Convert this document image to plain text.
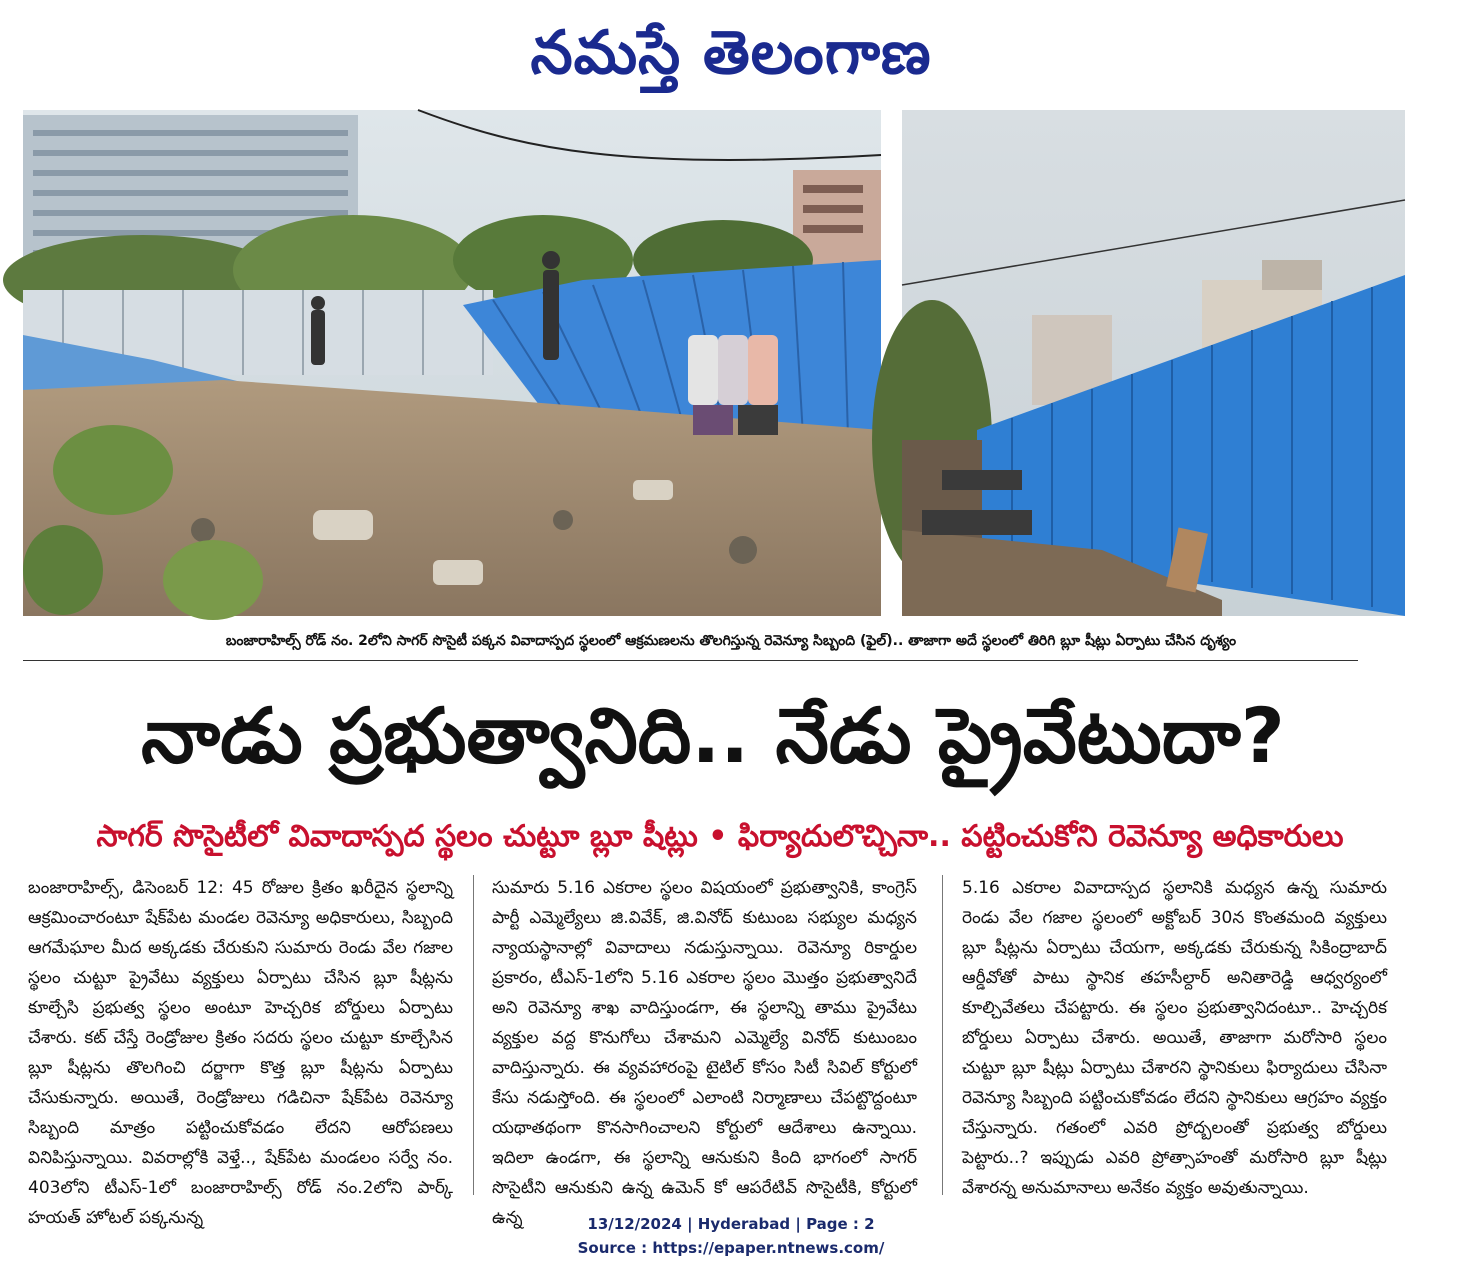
నమస్తే తెలంగాణ
బంజారాహిల్స్ రోడ్ నం. 2లోని సాగర్ సొసైటీ పక్కన వివాదాస్పద స్థలంలో ఆక్రమణలను తొలగిస్తున్న రెవెన్యూ సిబ్బంది (ఫైల్).. తాజాగా అదే స్థలంలో తిరిగి బ్లూ షీట్లు ఏర్పాటు చేసిన దృశ్యం
నాడు ప్రభుత్వానిది.. నేడు ప్రైవేటుదా?
సాగర్ సొసైటీలో వివాదాస్పద స్థలం చుట్టూ బ్లూ షీట్లు • ఫిర్యాదులొచ్చినా.. పట్టించుకోని రెవెన్యూ అధికారులు
బంజారాహిల్స్, డిసెంబర్ 12: 45 రోజుల క్రితం ఖరీదైన స్థలాన్ని ఆక్రమించారంటూ షేక్‌పేట మండల రెవెన్యూ అధికారులు, సిబ్బంది ఆగమేఘాల మీద అక్కడకు చేరుకుని సుమారు రెండు వేల గజాల స్థలం చుట్టూ ప్రైవేటు వ్యక్తులు ఏర్పాటు చేసిన బ్లూ షీట్లను కూల్చేసి ప్రభుత్వ స్థలం అంటూ హెచ్చరిక బోర్డులు ఏర్పాటు చేశారు. కట్ చేస్తే రెండ్రోజుల క్రితం సదరు స్థలం చుట్టూ కూల్చేసిన బ్లూ షీట్లను తొలగించి దర్జాగా కొత్త బ్లూ షీట్లను ఏర్పాటు చేసుకున్నారు. అయితే, రెండ్రోజులు గడిచినా షేక్‌పేట రెవెన్యూ సిబ్బంది మాత్రం పట్టించుకోవడం లేదని ఆరోపణలు వినిపిస్తున్నాయి. వివరాల్లోకి వెళ్తే.., షేక్‌పేట మండలం సర్వే నం. 403లోని టీఎస్-1లో బంజారాహిల్స్ రోడ్ నం.2లోని పార్క్ హయత్ హోటల్ పక్కనున్న
సుమారు 5.16 ఎకరాల స్థలం విషయంలో ప్రభుత్వానికి, కాంగ్రెస్ పార్టీ ఎమ్మెల్యేలు జి.వివేక్, జి.వినోద్ కుటుంబ సభ్యుల మధ్యన న్యాయస్థానాల్లో వివాదాలు నడుస్తున్నాయి. రెవెన్యూ రికార్డుల ప్రకారం, టీఎస్-1లోని 5.16 ఎకరాల స్థలం మొత్తం ప్రభుత్వానిదే అని రెవెన్యూ శాఖ వాదిస్తుండగా, ఈ స్థలాన్ని తాము ప్రైవేటు వ్యక్తుల వద్ద కొనుగోలు చేశామని ఎమ్మెల్యే వినోద్ కుటుంబం వాదిస్తున్నారు. ఈ వ్యవహారంపై టైటిల్ కోసం సిటీ సివిల్ కోర్టులో కేసు నడుస్తోంది. ఈ స్థలంలో ఎలాంటి నిర్మాణాలు చేపట్టొద్దంటూ యథాతథంగా కొనసాగించాలని కోర్టులో ఆదేశాలు ఉన్నాయి. ఇదిలా ఉండగా, ఈ స్థలాన్ని ఆనుకుని కింది భాగంలో సాగర్ సొసైటీని ఆనుకుని ఉన్న ఉమెన్ కో ఆపరేటివ్ సొసైటీకి, కోర్టులో ఉన్న
5.16 ఎకరాల వివాదాస్పద స్థలానికి మధ్యన ఉన్న సుమారు రెండు వేల గజాల స్థలంలో అక్టోబర్ 30న కొంతమంది వ్యక్తులు బ్లూ షీట్లను ఏర్పాటు చేయగా, అక్కడకు చేరుకున్న సికింద్రాబాద్ ఆర్డీవోతో పాటు స్థానిక తహసీల్దార్ అనితారెడ్డి ఆధ్వర్యంలో కూల్చివేతలు చేపట్టారు. ఈ స్థలం ప్రభుత్వానిదంటూ.. హెచ్చరిక బోర్డులు ఏర్పాటు చేశారు. అయితే, తాజాగా మరోసారి స్థలం చుట్టూ బ్లూ షీట్లు ఏర్పాటు చేశారని స్థానికులు ఫిర్యాదులు చేసినా రెవెన్యూ సిబ్బంది పట్టించుకోవడం లేదని స్థానికులు ఆగ్రహం వ్యక్తం చేస్తున్నారు. గతంలో ఎవరి ప్రోద్బలంతో ప్రభుత్వ బోర్డులు పెట్టారు..? ఇప్పుడు ఎవరి ప్రోత్సాహంతో మరోసారి బ్లూ షీట్లు వేశారన్న అనుమానాలు అనేకం వ్యక్తం అవుతున్నాయి.
13/12/2024 | Hyderabad | Page : 2
Source : https://epaper.ntnews.com/
